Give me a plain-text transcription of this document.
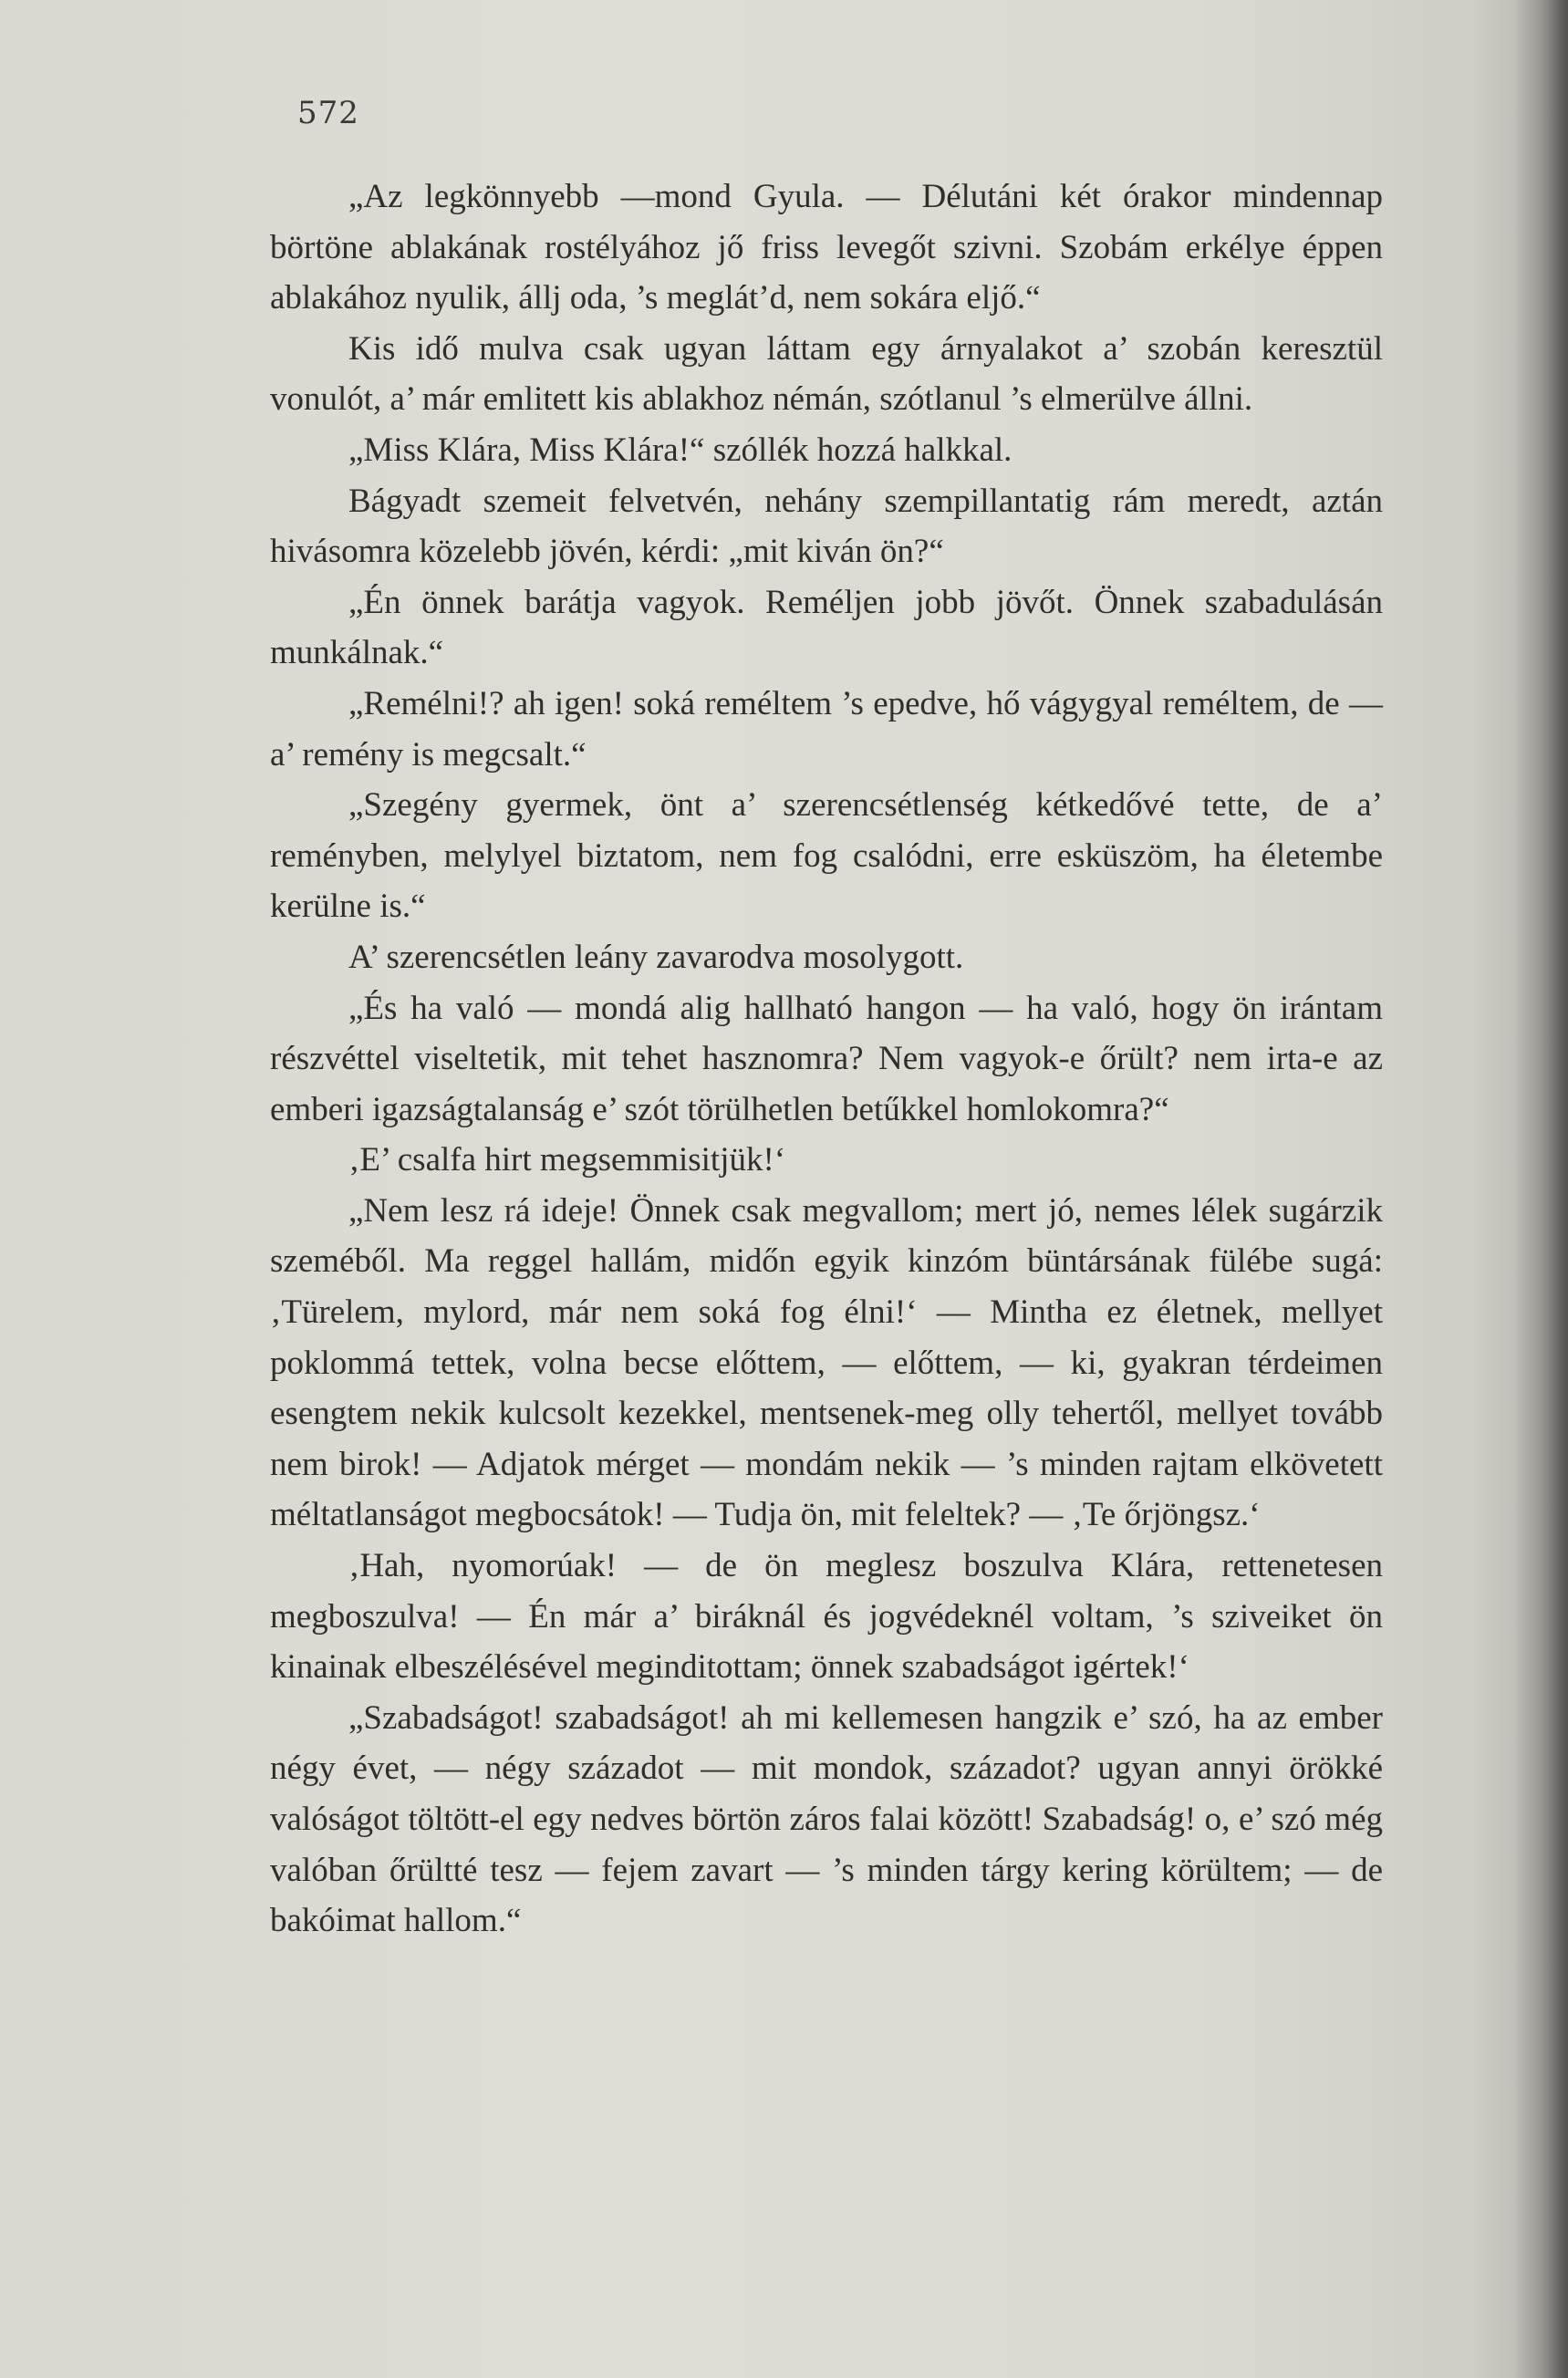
572

„Az legkönnyebb —mond Gyula. — Délutáni két órakor mindennap börtöne ablakának rostélyához jő friss levegőt szivni. Szobám erkélye éppen ablakához nyulik, állj oda, ’s meglát’d, nem sokára eljő.“

Kis idő mulva csak ugyan láttam egy árnyalakot a’ szobán keresztül vonulót, a’ már emlitett kis ablakhoz némán, szótlanul ’s elmerülve állni.

„Miss Klára, Miss Klára!“ szóllék hozzá halkkal.

Bágyadt szemeit felvetvén, nehány szempillantatig rám meredt, aztán hivásomra közelebb jövén, kérdi: „mit kiván ön?“

„Én önnek barátja vagyok. Reméljen jobb jövőt. Önnek szabadulásán munkálnak.“

„Remélni!? ah igen! soká reméltem ’s epedve, hő vágygyal reméltem, de — a’ remény is megcsalt.“

„Szegény gyermek, önt a’ szerencsétlenség kétkedővé tette, de a’ reményben, melylyel biztatom, nem fog csalódni, erre esküszöm, ha életembe kerülne is.“

A’ szerencsétlen leány zavarodva mosolygott.

„És ha való — mondá alig hallható hangon — ha való, hogy ön irántam részvéttel viseltetik, mit tehet hasznomra? Nem vagyok-e őrült? nem irta-e az emberi igazságtalanság e’ szót törülhetlen betűkkel homlokomra?“

‚E’ csalfa hirt megsemmisitjük!‘

„Nem lesz rá ideje! Önnek csak megvallom; mert jó, nemes lélek sugárzik szeméből. Ma reggel hallám, midőn egyik kinzóm büntársának fülébe sugá: ‚Türelem, mylord, már nem soká fog élni!‘ — Mintha ez életnek, mellyet poklommá tettek, volna becse előttem, — előttem, — ki, gyakran térdeimen esengtem nekik kulcsolt kezekkel, mentsenek-meg olly tehertől, mellyet tovább nem birok! — Adjatok mérget — mondám nekik — ’s minden rajtam elkövetett méltatlanságot megbocsátok! — Tudja ön, mit feleltek? — ‚Te őrjöngsz.‘

‚Hah, nyomorúak! — de ön meglesz boszulva Klára, rettenetesen megboszulva! — Én már a’ biráknál és jogvédeknél voltam, ’s sziveiket ön kinainak elbeszélésével meginditottam; önnek szabadságot igértek!‘

„Szabadságot! szabadságot! ah mi kellemesen hangzik e’ szó, ha az ember négy évet, — négy századot — mit mondok, századot? ugyan annyi örökké valóságot töltött-el egy nedves börtön záros falai között! Szabadság! o, e’ szó még valóban őrültté tesz — fejem zavart — ’s minden tárgy kering körültem; — de bakóimat hallom.“
